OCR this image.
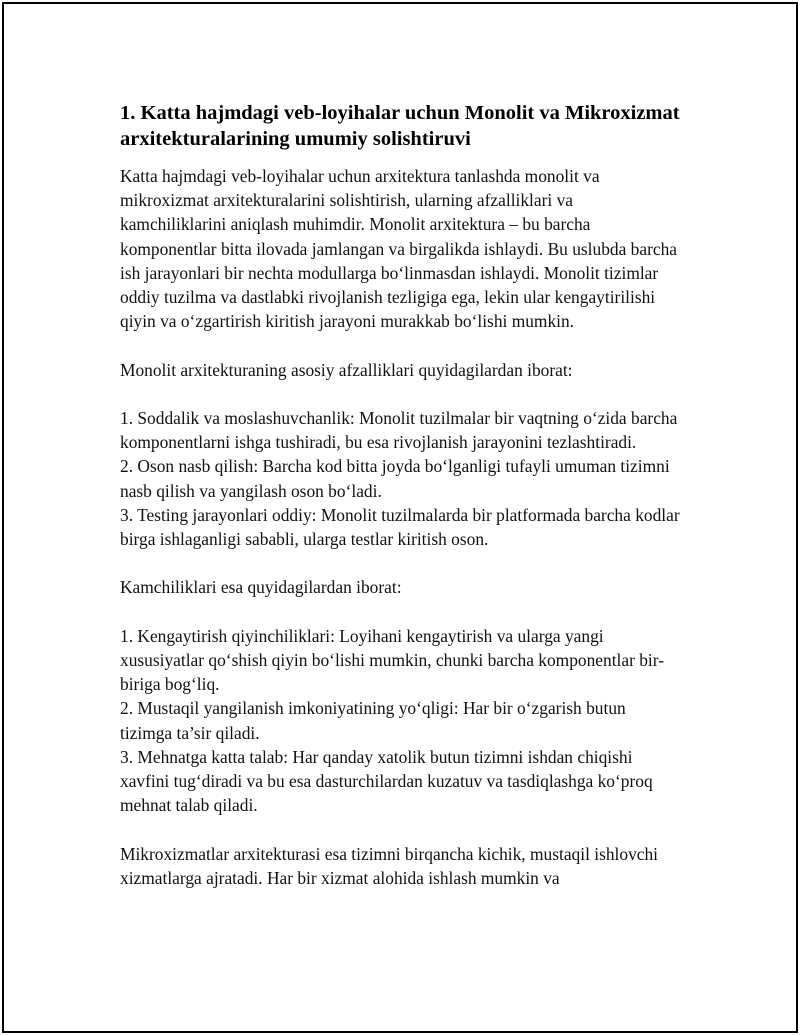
1. Katta hajmdagi veb-loyihalar uchun Monolit va Mikroxizmat arxitekturalarining umumiy solishtiruvi

Katta hajmdagi veb-loyihalar uchun arxitektura tanlashda monolit va mikroxizmat arxitekturalarini solishtirish, ularning afzalliklari va kamchiliklarini aniqlash muhimdir. Monolit arxitektura – bu barcha komponentlar bitta ilovada jamlangan va birgalikda ishlaydi. Bu uslubda barcha ish jarayonlari bir nechta modullarga bo‘linmasdan ishlaydi. Monolit tizimlar oddiy tuzilma va dastlabki rivojlanish tezligiga ega, lekin ular kengaytirilishi qiyin va o‘zgartirish kiritish jarayoni murakkab bo‘lishi mumkin.

Monolit arxitekturaning asosiy afzalliklari quyidagilardan iborat:

1. Soddalik va moslashuvchanlik: Monolit tuzilmalar bir vaqtning o‘zida barcha komponentlarni ishga tushiradi, bu esa rivojlanish jarayonini tezlashtiradi.

2. Oson nasb qilish: Barcha kod bitta joyda bo‘lganligi tufayli umuman tizimni nasb qilish va yangilash oson bo‘ladi.

3. Testing jarayonlari oddiy: Monolit tuzilmalarda bir platformada barcha kodlar birga ishlaganligi sababli, ularga testlar kiritish oson.

Kamchiliklari esa quyidagilardan iborat:

1. Kengaytirish qiyinchiliklari: Loyihani kengaytirish va ularga yangi xususiyatlar qo‘shish qiyin bo‘lishi mumkin, chunki barcha komponentlar bir-biriga bog‘liq.

2. Mustaqil yangilanish imkoniyatining yo‘qligi: Har bir o‘zgarish butun tizimga ta’sir qiladi.

3. Mehnatga katta talab: Har qanday xatolik butun tizimni ishdan chiqishi xavfini tug‘diradi va bu esa dasturchilardan kuzatuv va tasdiqlashga ko‘proq mehnat talab qiladi.

Mikroxizmatlar arxitekturasi esa tizimni birqancha kichik, mustaqil ishlovchi xizmatlarga ajratadi. Har bir xizmat alohida ishlash mumkin va
